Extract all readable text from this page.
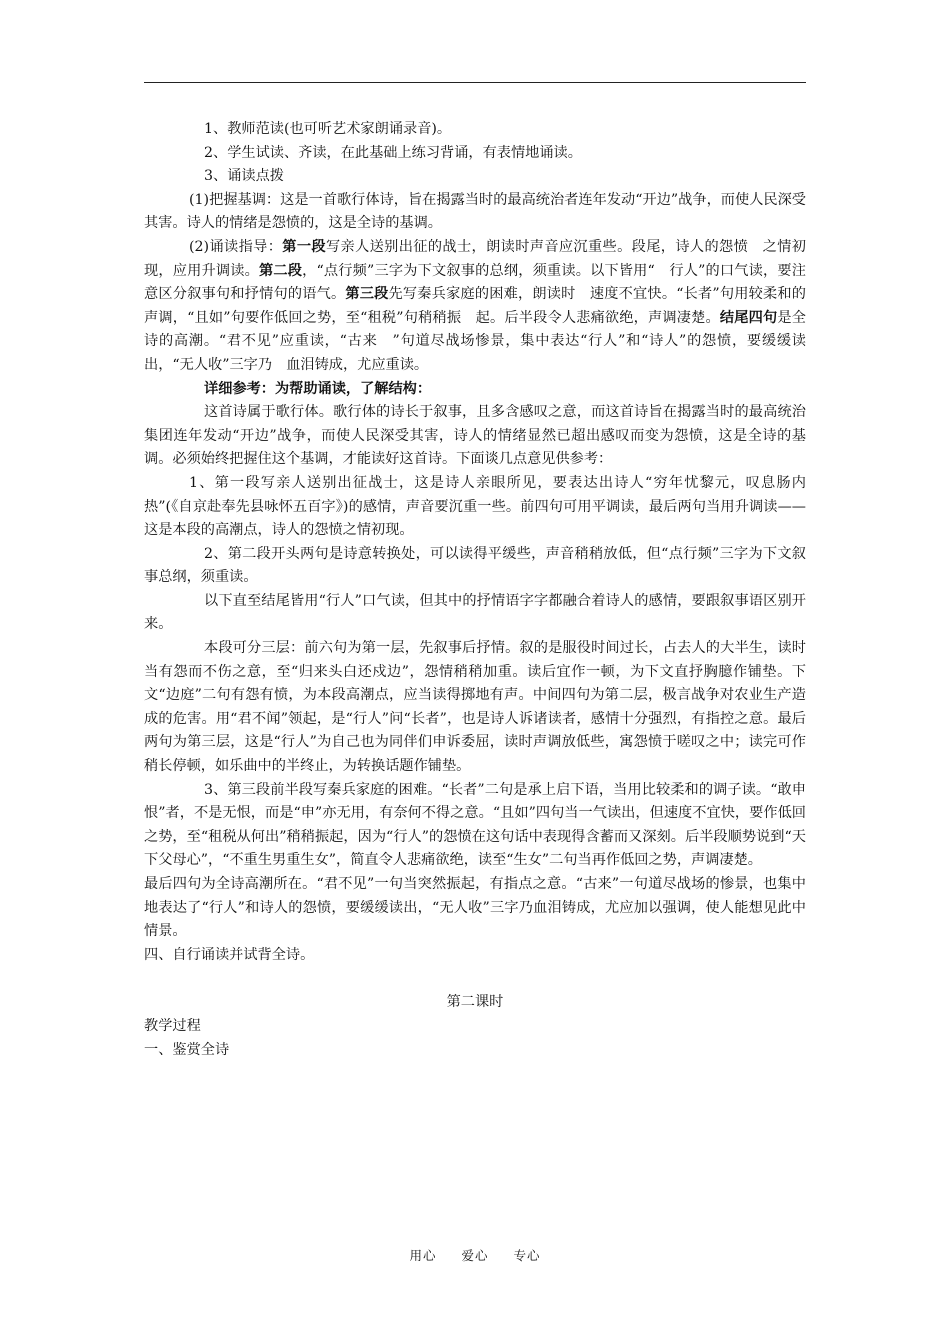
1、教师范读(也可听艺术家朗诵录音)。

2、学生试读、齐读，在此基础上练习背诵，有表情地诵读。

3、诵读点拨

(1)把握基调：这是一首歌行体诗，旨在揭露当时的最高统治者连年发动“开边”战争，而使人民深受其害。诗人的情绪是怨愤的，这是全诗的基调。

(2)诵读指导：第一段写亲人送别出征的战士，朗读时声音应沉重些。段尾，诗人的怨愤　之情初现，应用升调读。第二段，“点行频”三字为下文叙事的总纲，须重读。以下皆用“　行人”的口气读，要注意区分叙事句和抒情句的语气。第三段先写秦兵家庭的困难，朗读时　速度不宜快。“长者”句用较柔和的声调，“且如”句要作低回之势，至“租税”句稍稍振　起。后半段令人悲痛欲绝，声调凄楚。结尾四句是全诗的高潮。“君不见”应重读，“古来　”句道尽战场惨景，集中表达“行人”和“诗人”的怨愤，要缓缓读出，“无人收”三字乃　血泪铸成，尤应重读。

详细参考：为帮助诵读，了解结构：

这首诗属于歌行体。歌行体的诗长于叙事，且多含感叹之意，而这首诗旨在揭露当时的最高统治集团连年发动“开边”战争，而使人民深受其害，诗人的情绪显然已超出感叹而变为怨愤，这是全诗的基调。必须始终把握住这个基调，才能读好这首诗。下面谈几点意见供参考：

1、第一段写亲人送别出征战士，这是诗人亲眼所见，要表达出诗人“穷年忧黎元，叹息肠内热”(《自京赴奉先县咏怀五百字》)的感情，声音要沉重一些。前四句可用平调读，最后两句当用升调读——这是本段的高潮点，诗人的怨愤之情初现。

2、第二段开头两句是诗意转换处，可以读得平缓些，声音稍稍放低，但“点行频”三字为下文叙事总纲，须重读。

以下直至结尾皆用“行人”口气读，但其中的抒情语字字都融合着诗人的感情，要跟叙事语区别开来。

本段可分三层：前六句为第一层，先叙事后抒情。叙的是服役时间过长，占去人的大半生，读时当有怨而不伤之意，至“归来头白还戍边”，怨情稍稍加重。读后宜作一顿，为下文直抒胸臆作铺垫。下文“边庭”二句有怨有愤，为本段高潮点，应当读得掷地有声。中间四句为第二层，极言战争对农业生产造成的危害。用“君不闻”领起，是“行人”问“长者”，也是诗人诉诸读者，感情十分强烈，有指控之意。最后两句为第三层，这是“行人”为自己也为同伴们申诉委屈，读时声调放低些，寓怨愤于嗟叹之中；读完可作稍长停顿，如乐曲中的半终止，为转换话题作铺垫。

3、第三段前半段写秦兵家庭的困难。“长者”二句是承上启下语，当用比较柔和的调子读。“敢申恨”者，不是无恨，而是“申”亦无用，有奈何不得之意。“且如”四句当一气读出，但速度不宜快，要作低回之势，至“租税从何出”稍稍振起，因为“行人”的怨愤在这句话中表现得含蓄而又深刻。后半段顺势说到“天下父母心”，“不重生男重生女”，简直令人悲痛欲绝，读至“生女”二句当再作低回之势，声调凄楚。

最后四句为全诗高潮所在。“君不见”一句当突然振起，有指点之意。“古来”一句道尽战场的惨景，也集中地表达了“行人”和诗人的怨愤，要缓缓读出，“无人收”三字乃血泪铸成，尤应加以强调，使人能想见此中情景。

四、自行诵读并试背全诗。

第二课时

教学过程

一、鉴赏全诗

用心 爱心 专心
